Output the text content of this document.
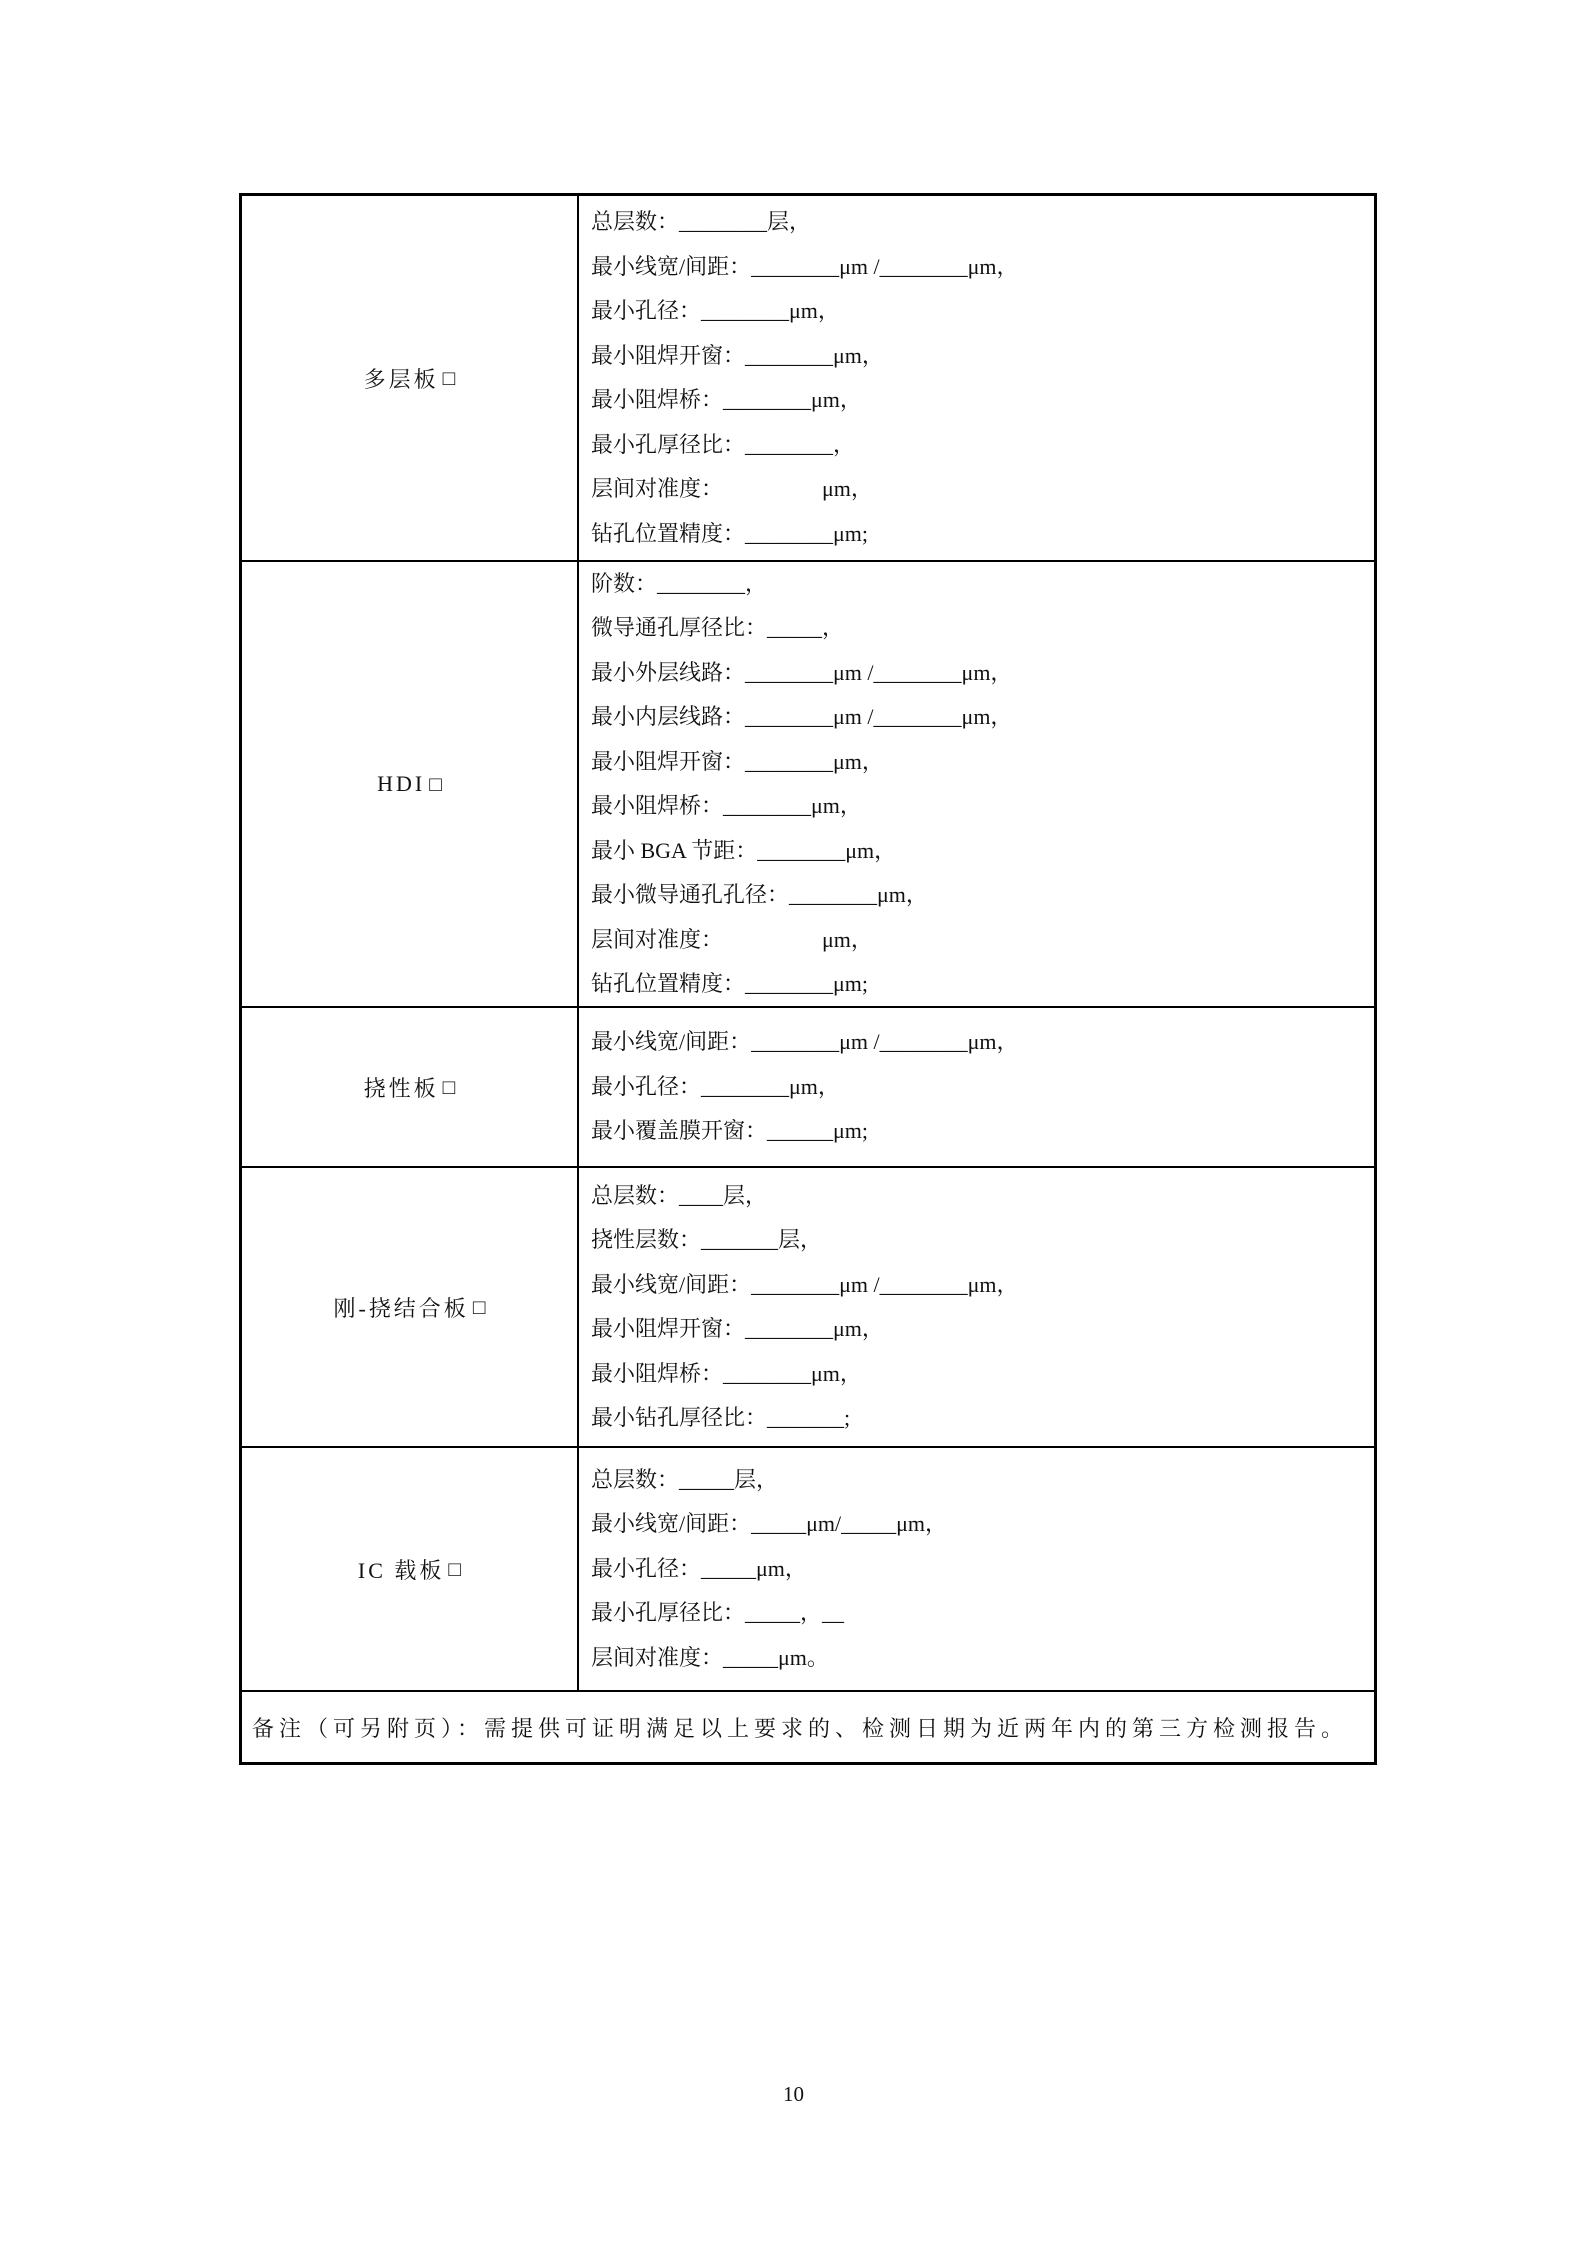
多层板 □
总层数：________层，
最小线宽/间距：________μm /________μm，
最小孔径：________μm，
最小阻焊开窗：________μm，
最小阻焊桥：________μm，
最小孔厚径比：________，
层间对准度：　　　　　μm，
钻孔位置精度：________μm;
HDI □
阶数：________，
微导通孔厚径比：_____，
最小外层线路：________μm /________μm，
最小内层线路：________μm /________μm，
最小阻焊开窗：________μm，
最小阻焊桥：________μm，
最小 BGA 节距：________μm，
最小微导通孔孔径：________μm，
层间对准度：　　　　　μm，
钻孔位置精度：________μm;
挠性板 □
最小线宽/间距：________μm /________μm，
最小孔径：________μm，
最小覆盖膜开窗：______μm;
刚-挠结合板 □
总层数：____层，
挠性层数：_______层，
最小线宽/间距：________μm /________μm，
最小阻焊开窗：________μm，
最小阻焊桥：________μm，
最小钻孔厚径比：_______;
IC 载板 □
总层数：_____层，
最小线宽/间距：_____μm/_____μm，
最小孔径：_____μm，
最小孔厚径比：_____，__
层间对准度：_____μm。
备注（可另附页）：需提供可证明满足以上要求的、检测日期为近两年内的第三方检测报告。
10
